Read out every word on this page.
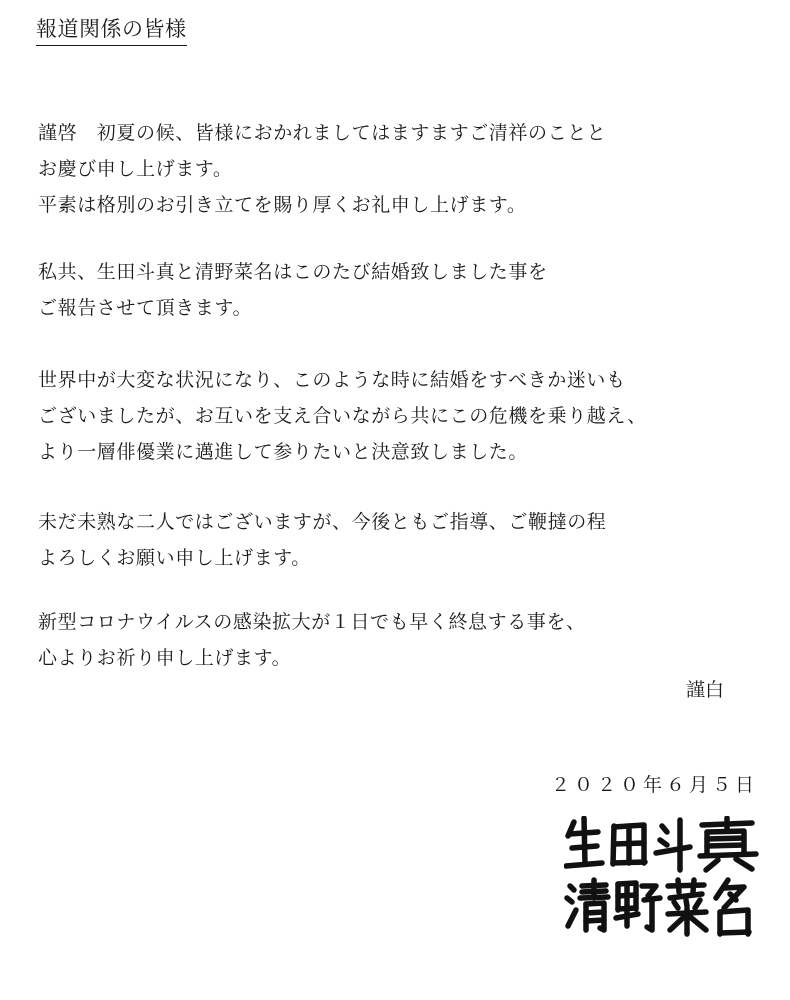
報道関係の皆様
謹啓　初夏の候、皆様におかれましてはますますご清祥のことと
お慶び申し上げます。
平素は格別のお引き立てを賜り厚くお礼申し上げます。
私共、生田斗真と清野菜名はこのたび結婚致しました事を
ご報告させて頂きます。
世界中が大変な状況になり、このような時に結婚をすべきか迷いも
ございましたが、お互いを支え合いながら共にこの危機を乗り越え、
より一層俳優業に邁進して参りたいと決意致しました。
未だ未熟な二人ではございますが、今後ともご指導、ご鞭撻の程
よろしくお願い申し上げます。
新型コロナウイルスの感染拡大が１日でも早く終息する事を、
心よりお祈り申し上げます。
謹白
２０２０年６月５日
